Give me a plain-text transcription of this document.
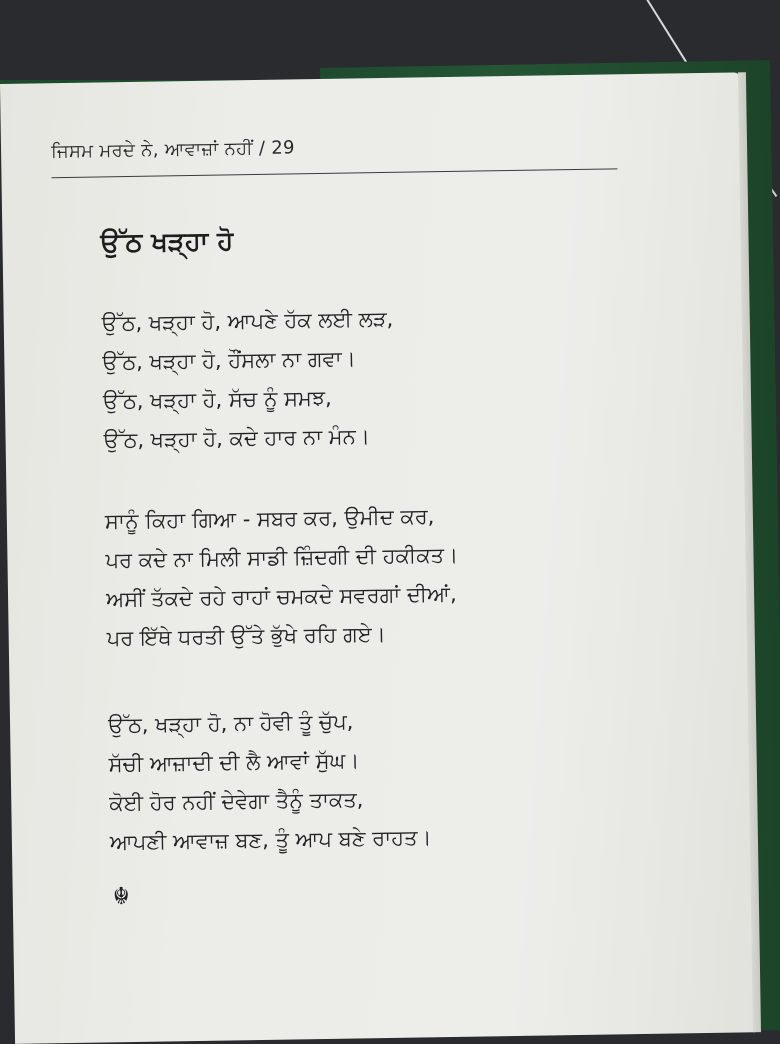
ਜਿਸਮ ਮਰਦੇ ਨੇ, ਆਵਾਜ਼ਾਂ ਨਹੀਂ / 29
ਉੱਠ ਖੜ੍ਹਾ ਹੋ
ਉੱਠ, ਖੜ੍ਹਾ ਹੋ, ਆਪਣੇ ਹੱਕ ਲਈ ਲੜ,
ਉੱਠ, ਖੜ੍ਹਾ ਹੋ, ਹੌਂਸਲਾ ਨਾ ਗਵਾ।
ਉੱਠ, ਖੜ੍ਹਾ ਹੋ, ਸੱਚ ਨੂੰ ਸਮਝ,
ਉੱਠ, ਖੜ੍ਹਾ ਹੋ, ਕਦੇ ਹਾਰ ਨਾ ਮੰਨ।
ਸਾਨੂੰ ਕਿਹਾ ਗਿਆ - ਸਬਰ ਕਰ, ਉਮੀਦ ਕਰ,
ਪਰ ਕਦੇ ਨਾ ਮਿਲੀ ਸਾਡੀ ਜ਼ਿੰਦਗੀ ਦੀ ਹਕੀਕਤ।
ਅਸੀਂ ਤੱਕਦੇ ਰਹੇ ਰਾਹਾਂ ਚਮਕਦੇ ਸਵਰਗਾਂ ਦੀਆਂ,
ਪਰ ਇੱਥੇ ਧਰਤੀ ਉੱਤੇ ਭੁੱਖੇ ਰਹਿ ਗਏ।
ਉੱਠ, ਖੜ੍ਹਾ ਹੋ, ਨਾ ਹੋਵੀ ਤੂੰ ਚੁੱਪ,
ਸੱਚੀ ਆਜ਼ਾਦੀ ਦੀ ਲੈ ਆਵਾਂ ਸੁੱਘ।
ਕੋਈ ਹੋਰ ਨਹੀਂ ਦੇਵੇਗਾ ਤੈਨੂੰ ਤਾਕਤ,
ਆਪਣੀ ਆਵਾਜ਼ ਬਣ, ਤੂੰ ਆਪ ਬਣੇ ਰਾਹਤ।
☬
